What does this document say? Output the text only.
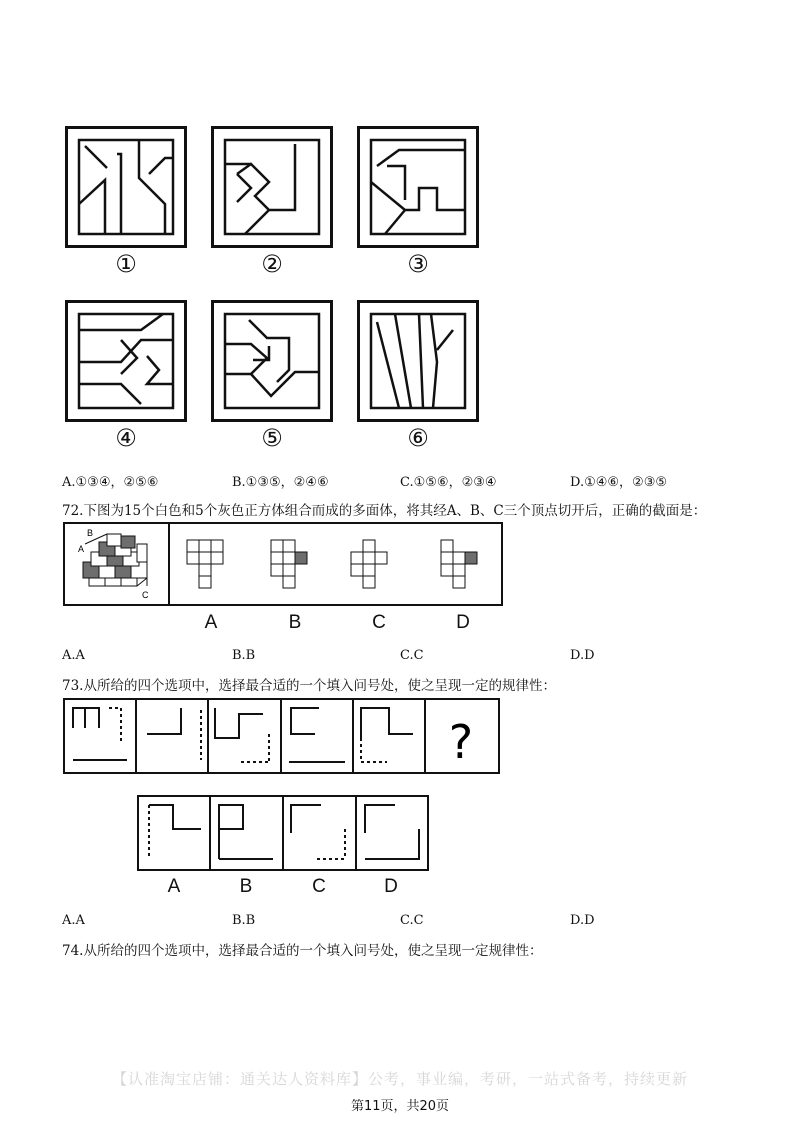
①	②	③
④	⑤	⑥
A.①③④，②⑤⑥	B.①③⑤，②④⑥	C.①⑤⑥，②③④	D.①④⑥，②③⑤
72.下图为15个白色和5个灰色正方体组合而成的多面体，将其经A、B、C三个顶点切开后，正确的截面是：
B
A
C
A	B	C	D
A.A	B.B	C.C	D.D
73.从所给的四个选项中，选择最合适的一个填入问号处，使之呈现一定的规律性：
?
A	B	C	D
A.A	B.B	C.C	D.D
74.从所给的四个选项中，选择最合适的一个填入问号处，使之呈现一定规律性：
【认准淘宝店铺：通关达人资料库】公考，事业编，考研，一站式备考，持续更新
第11页，共20页
